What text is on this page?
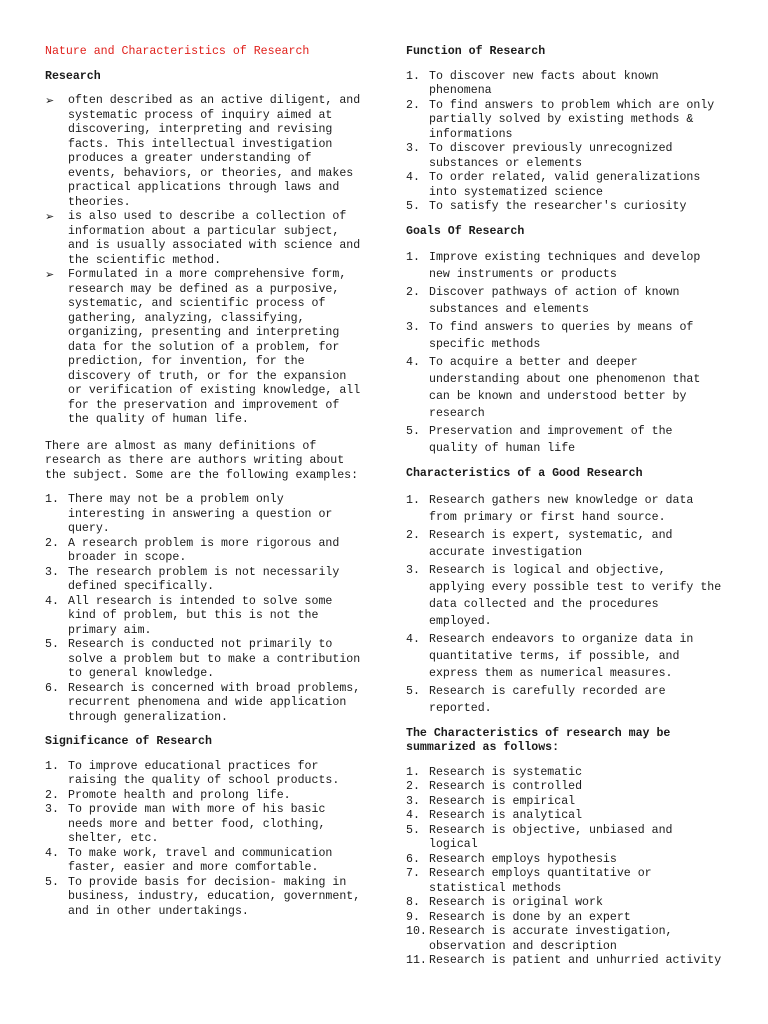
Nature and Characteristics of Research
Research
➢ often described as an active diligent, and systematic process of inquiry aimed at discovering, interpreting and revising facts. This intellectual investigation produces a greater understanding of events, behaviors, or theories, and makes practical applications through laws and theories.
➢ is also used to describe a collection of information about a particular subject, and is usually associated with science and the scientific method.
➢ Formulated in a more comprehensive form, research may be defined as a purposive, systematic, and scientific process of gathering, analyzing, classifying, organizing, presenting and interpreting data for the solution of a problem, for prediction, for invention, for the discovery of truth, or for the expansion or verification of existing knowledge, all for the preservation and improvement of the quality of human life.
There are almost as many definitions of research as there are authors writing about the subject. Some are the following examples:
1. There may not be a problem only interesting in answering a question or query.
2. A research problem is more rigorous and broader in scope.
3. The research problem is not necessarily defined specifically.
4. All research is intended to solve some kind of problem, but this is not the primary aim.
5. Research is conducted not primarily to solve a problem but to make a contribution to general knowledge.
6. Research is concerned with broad problems, recurrent phenomena and wide application through generalization.
Significance of Research
1. To improve educational practices for raising the quality of school products.
2. Promote health and prolong life.
3. To provide man with more of his basic needs more and better food, clothing, shelter, etc.
4. To make work, travel and communication faster, easier and more comfortable.
5. To provide basis for decision- making in business, industry, education, government, and in other undertakings.
Function of Research
1. To discover new facts about known phenomena
2. To find answers to problem which are only partially solved by existing methods & informations
3. To discover previously unrecognized substances or elements
4. To order related, valid generalizations into systematized science
5. To satisfy the researcher's curiosity
Goals Of Research
1. Improve existing techniques and develop new instruments or products
2. Discover pathways of action of known substances and elements
3. To find answers to queries by means of specific methods
4. To acquire a better and deeper understanding about one phenomenon that can be known and understood better by research
5. Preservation and improvement of the quality of human life
Characteristics of a Good Research
1. Research gathers new knowledge or data from primary or first hand source.
2. Research is expert, systematic, and accurate investigation
3. Research is logical and objective, applying every possible test to verify the data collected and the procedures employed.
4. Research endeavors to organize data in quantitative terms, if possible, and express them as numerical measures.
5. Research is carefully recorded are reported.
The Characteristics of research may be summarized as follows:
1. Research is systematic
2. Research is controlled
3. Research is empirical
4. Research is analytical
5. Research is objective, unbiased and logical
6. Research employs hypothesis
7. Research employs quantitative or statistical methods
8. Research is original work
9. Research is done by an expert
10. Research is accurate investigation, observation and description
11. Research is patient and unhurried activity
